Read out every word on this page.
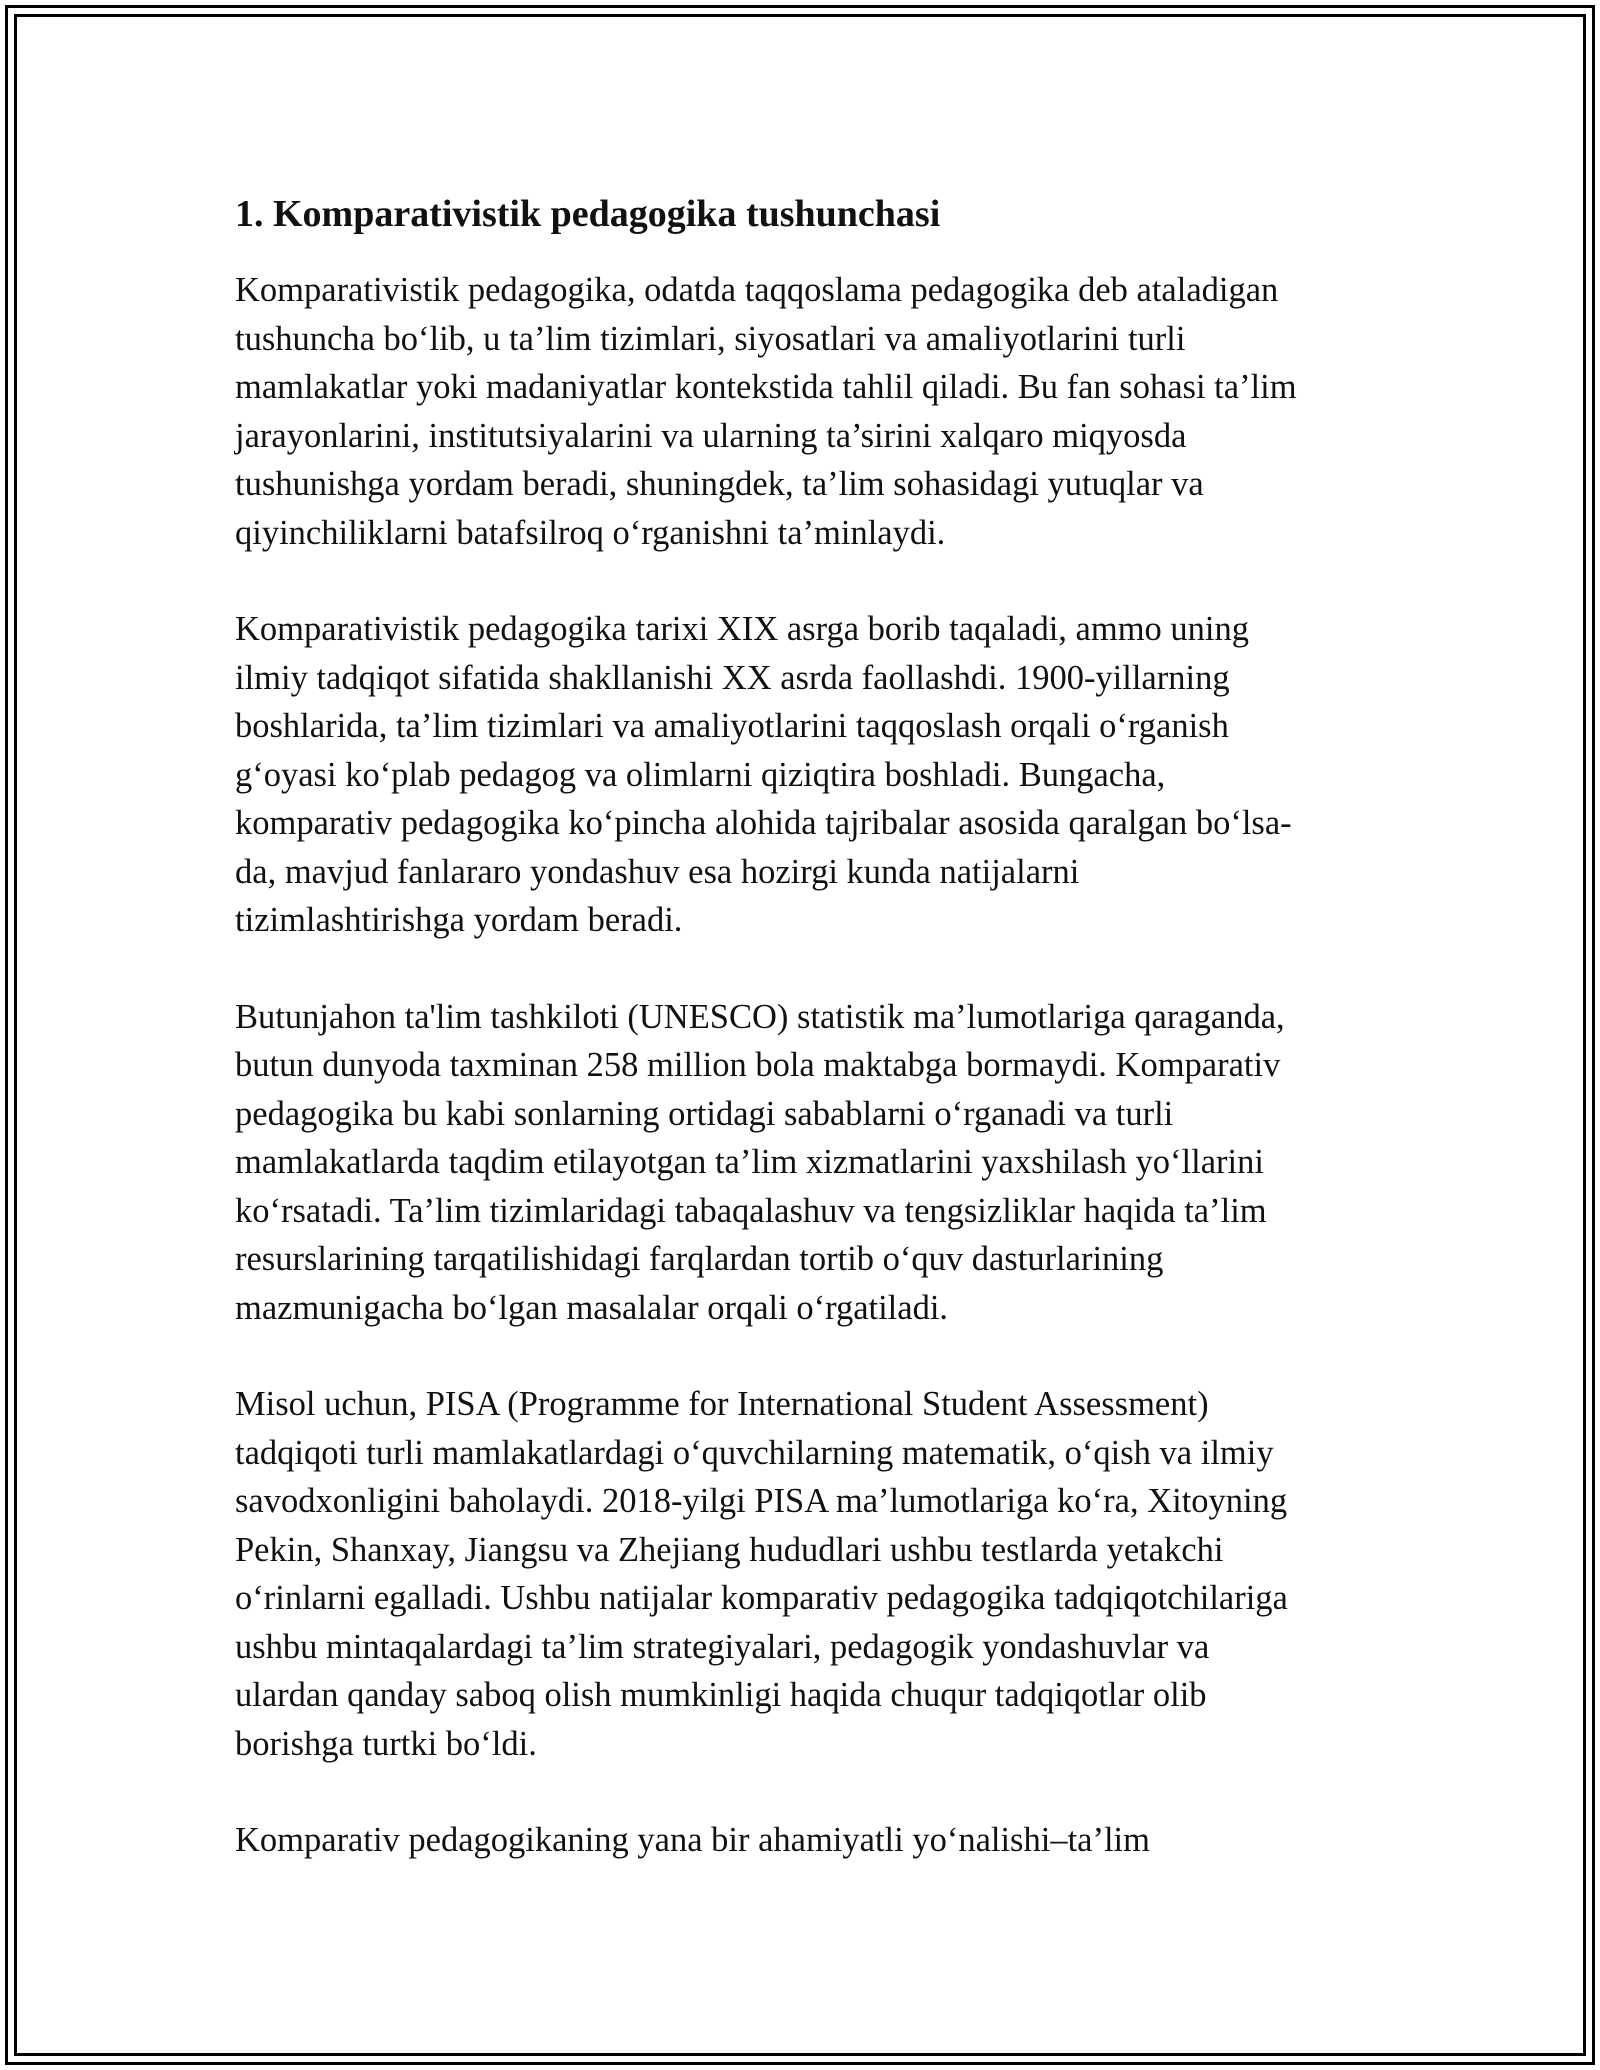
1. Komparativistik pedagogika tushunchasi

Komparativistik pedagogika, odatda taqqoslama pedagogika deb ataladigan
tushuncha bo‘lib, u ta’lim tizimlari, siyosatlari va amaliyotlarini turli
mamlakatlar yoki madaniyatlar kontekstida tahlil qiladi. Bu fan sohasi ta’lim
jarayonlarini, institutsiyalarini va ularning ta’sirini xalqaro miqyosda
tushunishga yordam beradi, shuningdek, ta’lim sohasidagi yutuqlar va
qiyinchiliklarni batafsilroq o‘rganishni ta’minlaydi.

Komparativistik pedagogika tarixi XIX asrga borib taqaladi, ammo uning
ilmiy tadqiqot sifatida shakllanishi XX asrda faollashdi. 1900-yillarning
boshlarida, ta’lim tizimlari va amaliyotlarini taqqoslash orqali o‘rganish
g‘oyasi ko‘plab pedagog va olimlarni qiziqtira boshladi. Bungacha,
komparativ pedagogika ko‘pincha alohida tajribalar asosida qaralgan bo‘lsa-
da, mavjud fanlararo yondashuv esa hozirgi kunda natijalarni
tizimlashtirishga yordam beradi.

Butunjahon ta'lim tashkiloti (UNESCO) statistik ma’lumotlariga qaraganda,
butun dunyoda taxminan 258 million bola maktabga bormaydi. Komparativ
pedagogika bu kabi sonlarning ortidagi sabablarni o‘rganadi va turli
mamlakatlarda taqdim etilayotgan ta’lim xizmatlarini yaxshilash yo‘llarini
ko‘rsatadi. Ta’lim tizimlaridagi tabaqalashuv va tengsizliklar haqida ta’lim
resurslarining tarqatilishidagi farqlardan tortib o‘quv dasturlarining
mazmunigacha bo‘lgan masalalar orqali o‘rgatiladi.

Misol uchun, PISA (Programme for International Student Assessment)
tadqiqoti turli mamlakatlardagi o‘quvchilarning matematik, o‘qish va ilmiy
savodxonligini baholaydi. 2018-yilgi PISA ma’lumotlariga ko‘ra, Xitoyning
Pekin, Shanxay, Jiangsu va Zhejiang hududlari ushbu testlarda yetakchi
o‘rinlarni egalladi. Ushbu natijalar komparativ pedagogika tadqiqotchilariga
ushbu mintaqalardagi ta’lim strategiyalari, pedagogik yondashuvlar va
ulardan qanday saboq olish mumkinligi haqida chuqur tadqiqotlar olib
borishga turtki bo‘ldi.

Komparativ pedagogikaning yana bir ahamiyatli yo‘nalishi–ta’lim
